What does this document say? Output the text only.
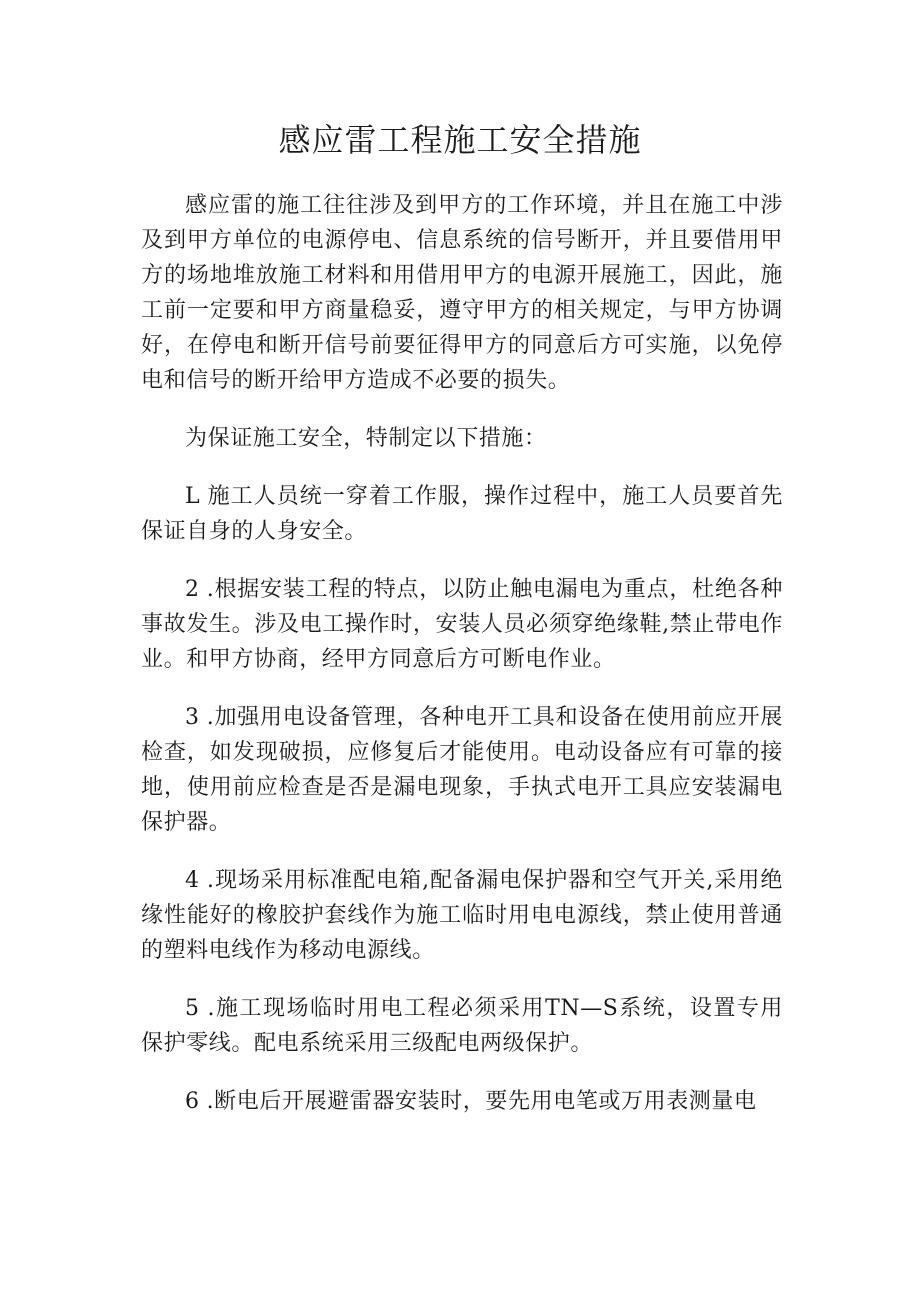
感应雷工程施工安全措施

感应雷的施工往往涉及到甲方的工作环境，并且在施工中涉及到甲方单位的电源停电、信息系统的信号断开，并且要借用甲方的场地堆放施工材料和用借用甲方的电源开展施工，因此，施工前一定要和甲方商量稳妥，遵守甲方的相关规定，与甲方协调好，在停电和断开信号前要征得甲方的同意后方可实施，以免停电和信号的断开给甲方造成不必要的损失。

为保证施工安全，特制定以下措施：

L 施工人员统一穿着工作服，操作过程中，施工人员要首先保证自身的人身安全。

2 .根据安装工程的特点，以防止触电漏电为重点，杜绝各种事故发生。涉及电工操作时，安装人员必须穿绝缘鞋,禁止带电作业。和甲方协商，经甲方同意后方可断电作业。

3 .加强用电设备管理，各种电开工具和设备在使用前应开展检查，如发现破损，应修复后才能使用。电动设备应有可靠的接地，使用前应检查是否是漏电现象，手执式电开工具应安装漏电保护器。

4 .现场采用标准配电箱,配备漏电保护器和空气开关,采用绝缘性能好的橡胶护套线作为施工临时用电电源线，禁止使用普通的塑料电线作为移动电源线。

5 .施工现场临时用电工程必须采用TN—S系统，设置专用保护零线。配电系统采用三级配电两级保护。

6 .断电后开展避雷器安装时，要先用电笔或万用表测量电
